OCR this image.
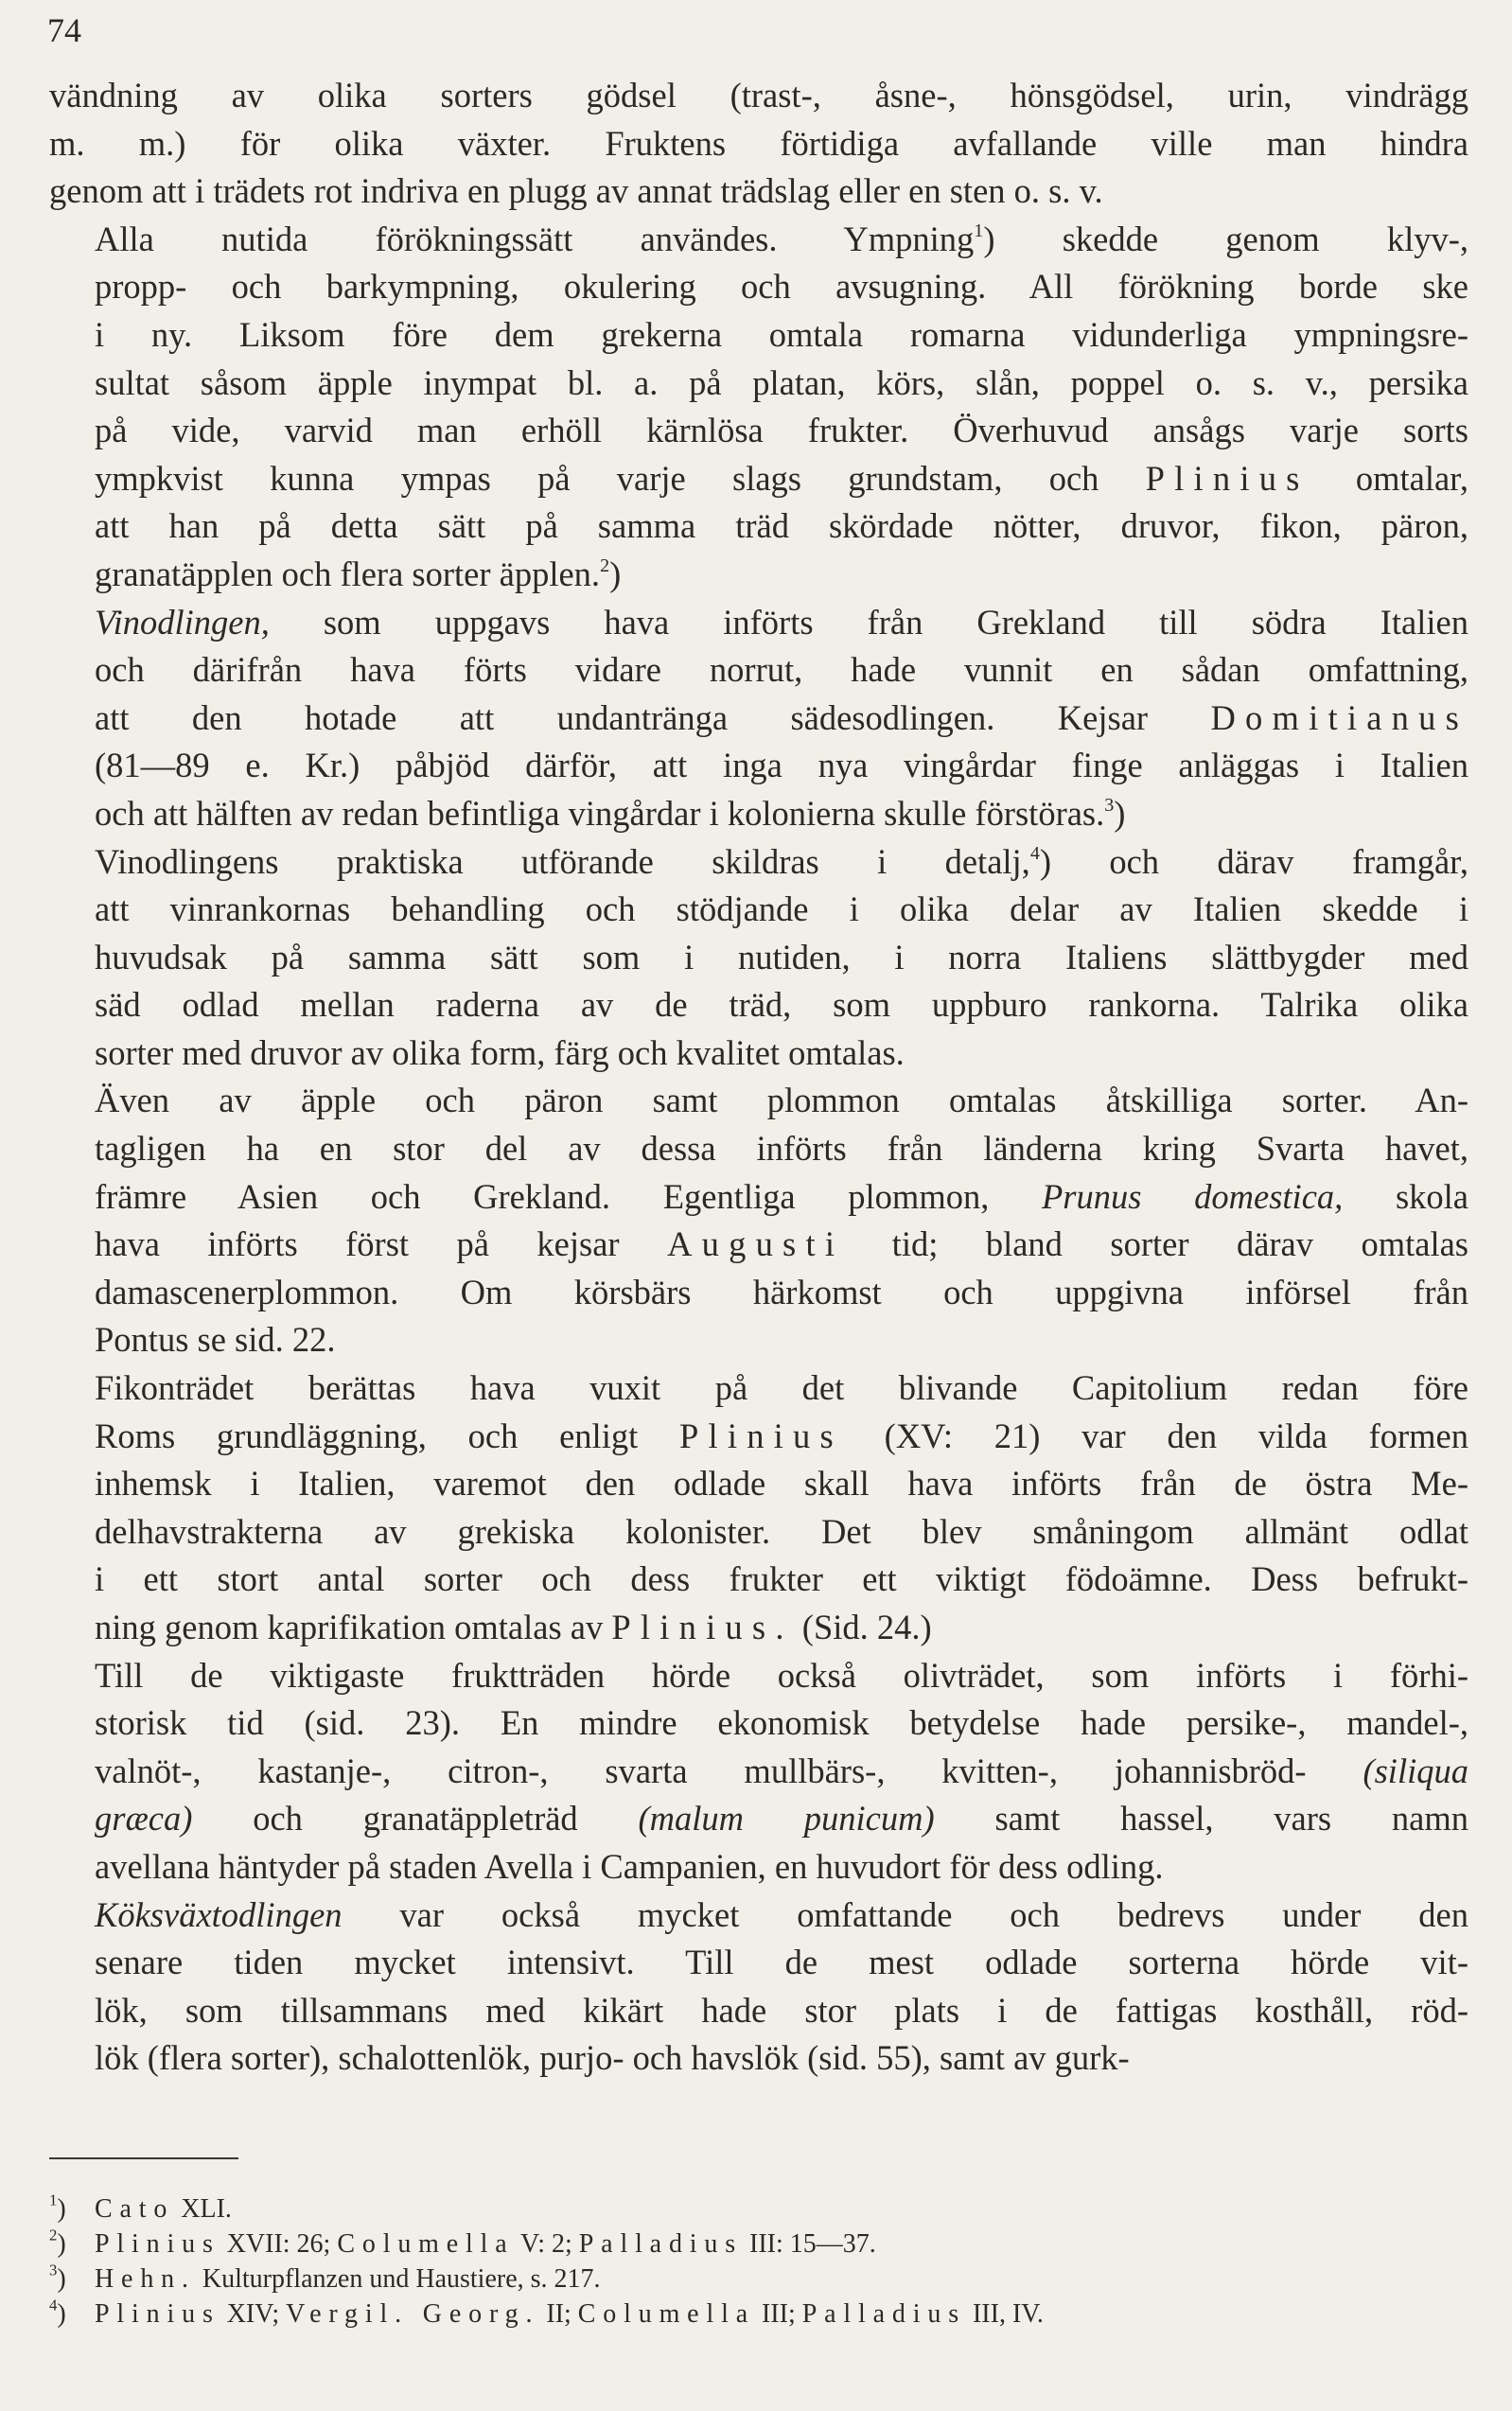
74
vändning av olika sorters gödsel (trast-, åsne-, hönsgödsel, urin, vindrägg
m. m.) för olika växter. Fruktens förtidiga avfallande ville man hindra
genom att i trädets rot indriva en plugg av annat trädslag eller en sten o. s. v.
Alla nutida förökningssätt användes. Ympning$^1$) skedde genom klyv-,
propp- och barkympning, okulering och avsugning. All förökning borde ske
i ny. Liksom före dem grekerna omtala romarna vidunderliga ympningsre-
sultat såsom äpple inympat bl. a. på platan, körs, slån, poppel o. s. v., persika
på vide, varvid man erhöll kärnlösa frukter. Överhuvud ansågs varje sorts
ympkvist kunna ympas på varje slags grundstam, och Plinius omtalar,
att han på detta sätt på samma träd skördade nötter, druvor, fikon, päron,
granatäpplen och flera sorter äpplen.$^2$)
Vinodlingen, som uppgavs hava införts från Grekland till södra Italien
och därifrån hava förts vidare norrut, hade vunnit en sådan omfattning,
att den hotade att undantränga sädesodlingen. Kejsar Domitianus
(81—89 e. Kr.) påbjöd därför, att inga nya vingårdar finge anläggas i Italien
och att hälften av redan befintliga vingårdar i kolonierna skulle förstöras.$^3$)
Vinodlingens praktiska utförande skildras i detalj,$^4$) och därav framgår,
att vinrankornas behandling och stödjande i olika delar av Italien skedde i
huvudsak på samma sätt som i nutiden, i norra Italiens slättbygder med
säd odlad mellan raderna av de träd, som uppburo rankorna. Talrika olika
sorter med druvor av olika form, färg och kvalitet omtalas.
Även av äpple och päron samt plommon omtalas åtskilliga sorter. An-
tagligen ha en stor del av dessa införts från länderna kring Svarta havet,
främre Asien och Grekland. Egentliga plommon, Prunus domestica, skola
hava införts först på kejsar Augusti tid; bland sorter därav omtalas
damascenerplommon. Om körsbärs härkomst och uppgivna införsel från
Pontus se sid. 22.
Fikonträdet berättas hava vuxit på det blivande Capitolium redan före
Roms grundläggning, och enligt Plinius (XV: 21) var den vilda formen
inhemsk i Italien, varemot den odlade skall hava införts från de östra Me-
delhavstrakterna av grekiska kolonister. Det blev småningom allmänt odlat
i ett stort antal sorter och dess frukter ett viktigt födoämne. Dess befrukt-
ning genom kaprifikation omtalas av Plinius. (Sid. 24.)
Till de viktigaste fruktträden hörde också olivträdet, som införts i förhi-
storisk tid (sid. 23). En mindre ekonomisk betydelse hade persike-, mandel-,
valnöt-, kastanje-, citron-, svarta mullbärs-, kvitten-, johannisbröd- (siliqua
græca) och granatäppleträd (malum punicum) samt hassel, vars namn
avellana häntyder på staden Avella i Campanien, en huvudort för dess odling.
Köksväxtodlingen var också mycket omfattande och bedrevs under den
senare tiden mycket intensivt. Till de mest odlade sorterna hörde vit-
lök, som tillsammans med kikärt hade stor plats i de fattigas kosthåll, röd-
lök (flera sorter), schalottenlök, purjo- och havslök (sid. 55), samt av gurk-
$^1$) Cato XLI.
$^2$) Plinius XVII: 26; Columella V: 2; Palladius III: 15—37.
$^3$) Hehn. Kulturpflanzen und Haustiere, s. 217.
$^4$) Plinius XIV; Vergil. Georg. II; Columella III; Palladius III, IV.
